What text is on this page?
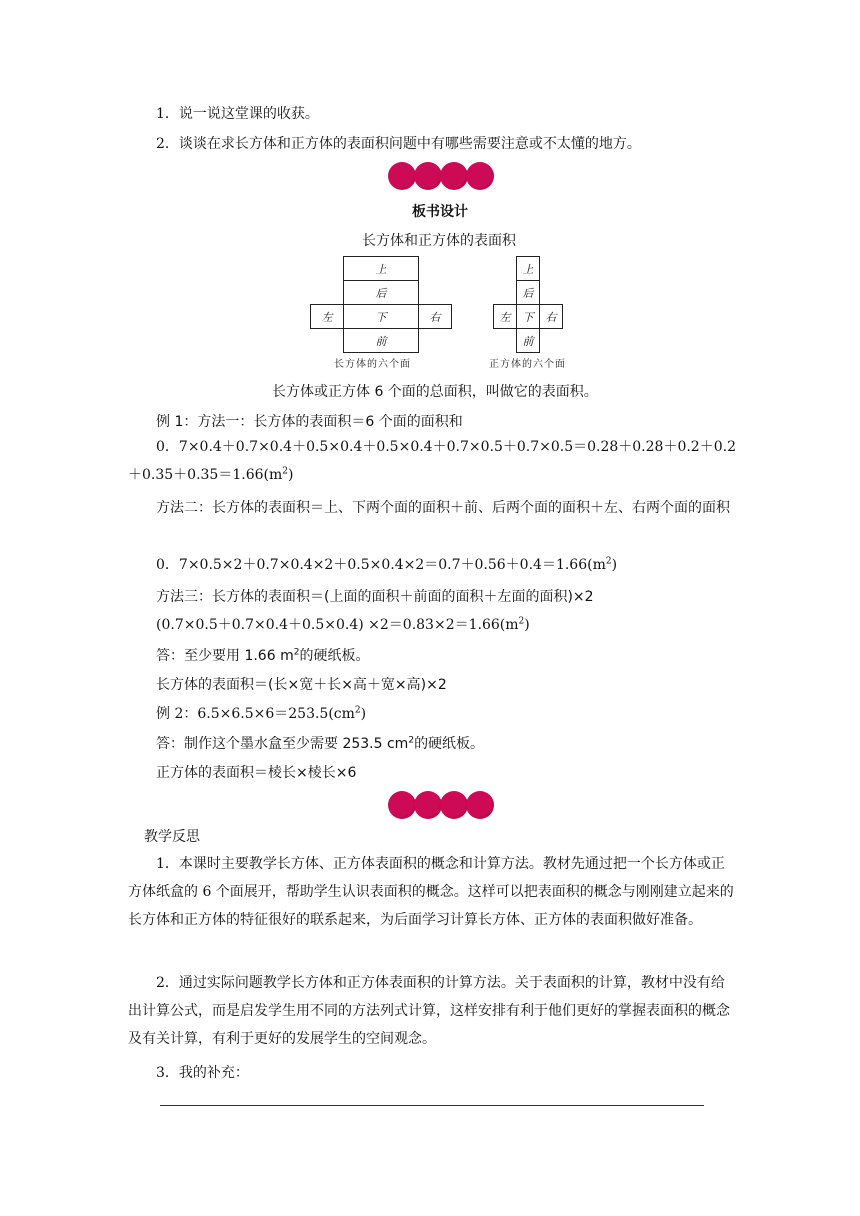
1．说一说这堂课的收获。
2．谈谈在求长方体和正方体的表面积问题中有哪些需要注意或不太懂的地方。
板书设计
长方体和正方体的表面积
上
后
左	下	右
前
长方体的六个面
上
后
左	下	右
前
正方体的六个面
长方体或正方体 6 个面的总面积，叫做它的表面积。
例 1：方法一：长方体的表面积＝6 个面的面积和
0．$7\times 0.4+0.7\times 0.4+0.5\times 0.4+0.5\times 0.4+0.7\times 0.5+0.7\times 0.5=0.28+0.28+0.2+0.2+0.35+0.35=1.66(m^2)$
方法二：长方体的表面积＝上、下两个面的面积＋前、后两个面的面积＋左、右两个面的面积
0．$7\times 0.5\times 2+0.7\times 0.4\times 2+0.5\times 0.4\times 2=0.7+0.56+0.4=1.66(m^2)$
方法三：长方体的表面积＝(上面的面积＋前面的面积＋左面的面积)×2
$(0.7\times 0.5+0.7\times 0.4+0.5\times 0.4) \times 2=0.83\times 2=1.66(m^2)$
答：至少要用 1.66 $m^2$的硬纸板。
长方体的表面积＝(长×宽＋长×高＋宽×高)×2
例 2：$6.5\times 6.5\times 6=253.5(cm^2)$
答：制作这个墨水盒至少需要 253.5 $cm^2$的硬纸板。
正方体的表面积＝棱长×棱长×6
教学反思
1．本课时主要教学长方体、正方体表面积的概念和计算方法。教材先通过把一个长方体或正方体纸盒的 6 个面展开，帮助学生认识表面积的概念。这样可以把表面积的概念与刚刚建立起来的长方体和正方体的特征很好的联系起来，为后面学习计算长方体、正方体的表面积做好准备。
2．通过实际问题教学长方体和正方体表面积的计算方法。关于表面积的计算，教材中没有给出计算公式，而是启发学生用不同的方法列式计算，这样安排有利于他们更好的掌握表面积的概念及有关计算，有利于更好的发展学生的空间观念。
3．我的补充：
